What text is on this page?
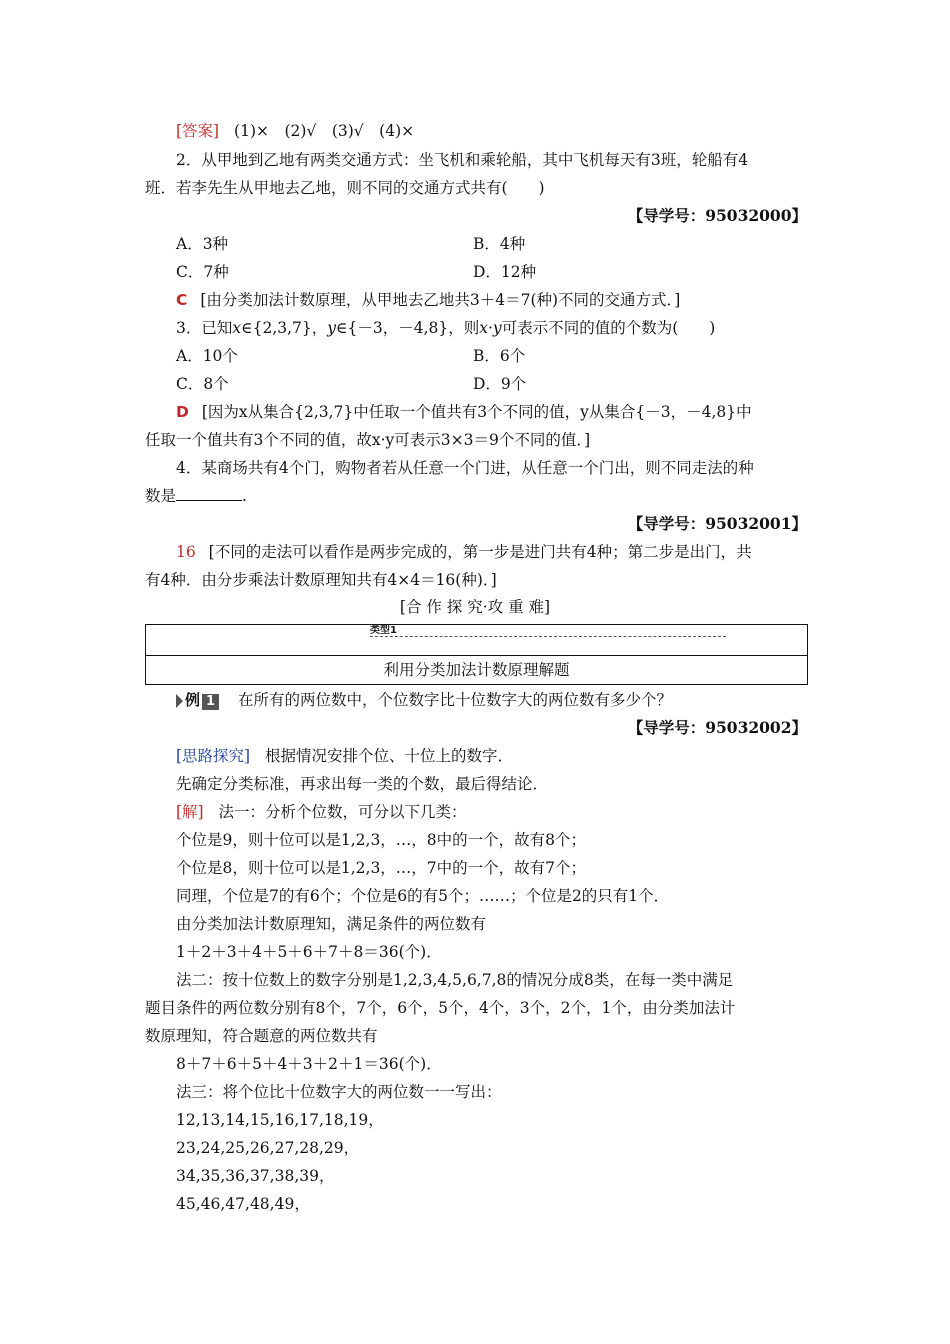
[答案] (1)×　(2)√　(3)√　(4)×
2．从甲地到乙地有两类交通方式：坐飞机和乘轮船，其中飞机每天有3班，轮船有4
班．若李先生从甲地去乙地，则不同的交通方式共有(　　)
【导学号：95032000】
A．3种	B．4种
C．7种	D．12种
C [由分类加法计数原理，从甲地去乙地共3＋4＝7(种)不同的交通方式．]
3．已知x∈{2,3,7}，y∈{－3，－4,8}，则x·y可表示不同的值的个数为(　　)
A．10个	B．6个
C．8个	D．9个
D [因为x从集合{2,3,7}中任取一个值共有3个不同的值，y从集合{－3，－4,8}中
任取一个值共有3个不同的值，故x·y可表示3×3＝9个不同的值．]
4．某商场共有4个门，购物者若从任意一个门进，从任意一个门出，则不同走法的种
数是	.
【导学号：95032001】
16 [不同的走法可以看作是两步完成的，第一步是进门共有4种；第二步是出门，共
有4种．由分步乘法计数原理知共有4×4＝16(种)．]
[合 作 探 究·攻 重 难]
类型1
利用分类加法计数原理解题
例 1 在所有的两位数中，个位数字比十位数字大的两位数有多少个？
【导学号：95032002】
[思路探究] 根据情况安排个位、十位上的数字．
先确定分类标准，再求出每一类的个数，最后得结论．
[解] 法一：分析个位数，可分以下几类：
个位是9，则十位可以是1,2,3，…，8中的一个，故有8个；
个位是8，则十位可以是1,2,3，…，7中的一个，故有7个；
同理，个位是7的有6个；个位是6的有5个；……；个位是2的只有1个．
由分类加法计数原理知，满足条件的两位数有
1＋2＋3＋4＋5＋6＋7＋8＝36(个)．
法二：按十位数上的数字分别是1,2,3,4,5,6,7,8的情况分成8类，在每一类中满足
题目条件的两位数分别有8个，7个，6个，5个，4个，3个，2个，1个，由分类加法计
数原理知，符合题意的两位数共有
8＋7＋6＋5＋4＋3＋2＋1＝36(个)．
法三：将个位比十位数字大的两位数一一写出：
12,13,14,15,16,17,18,19，
23,24,25,26,27,28,29，
34,35,36,37,38,39，
45,46,47,48,49，
